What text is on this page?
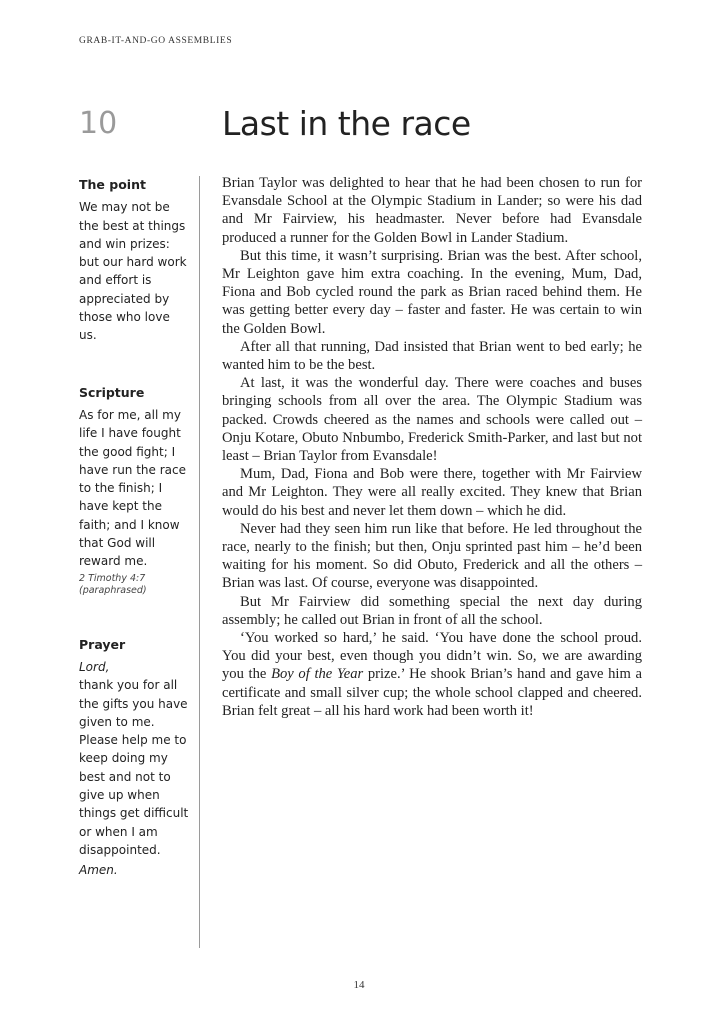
GRAB-IT-AND-GO ASSEMBLIES
10	Last in the race
The point

We may not be the best at things and win prizes: but our hard work and effort is appreciated by those who love us.

Scripture

As for me, all my life I have fought the good fight; I have run the race to the finish; I have kept the faith; and I know that God will reward me.

2 Timothy 4:7
(paraphrased)
Prayer

Lord,

thank you for all the gifts you have given to me. Please help me to keep doing my best and not to give up when things get difficult or when I am disappointed.

Amen.

Brian Taylor was delighted to hear that he had been chosen to run for Evansdale School at the Olympic Stadium in Lander; so were his dad and Mr Fairview, his headmaster. Never before had Evansdale produced a runner for the Golden Bowl in Lander Stadium.

But this time, it wasn’t surprising. Brian was the best. After school, Mr Leighton gave him extra coaching. In the evening, Mum, Dad, Fiona and Bob cycled round the park as Brian raced behind them. He was getting better every day – faster and faster. He was certain to win the Golden Bowl.

After all that running, Dad insisted that Brian went to bed early; he wanted him to be the best.

At last, it was the wonderful day. There were coaches and buses bringing schools from all over the area. The Olympic Stadium was packed. Crowds cheered as the names and schools were called out – Onju Kotare, Obuto Nnbumbo, Frederick Smith-Parker, and last but not least – Brian Taylor from Evansdale!

Mum, Dad, Fiona and Bob were there, together with Mr Fairview and Mr Leighton. They were all really excited. They knew that Brian would do his best and never let them down – which he did.

Never had they seen him run like that before. He led throughout the race, nearly to the finish; but then, Onju sprinted past him – he’d been waiting for his moment. So did Obuto, Frederick and all the others – Brian was last. Of course, everyone was disappointed.

But Mr Fairview did something special the next day during assembly; he called out Brian in front of all the school.

‘You worked so hard,’ he said. ‘You have done the school proud. You did your best, even though you didn’t win. So, we are awarding you the Boy of the Year prize.’ He shook Brian’s hand and gave him a certificate and small silver cup; the whole school clapped and cheered. Brian felt great – all his hard work had been worth it!

14
